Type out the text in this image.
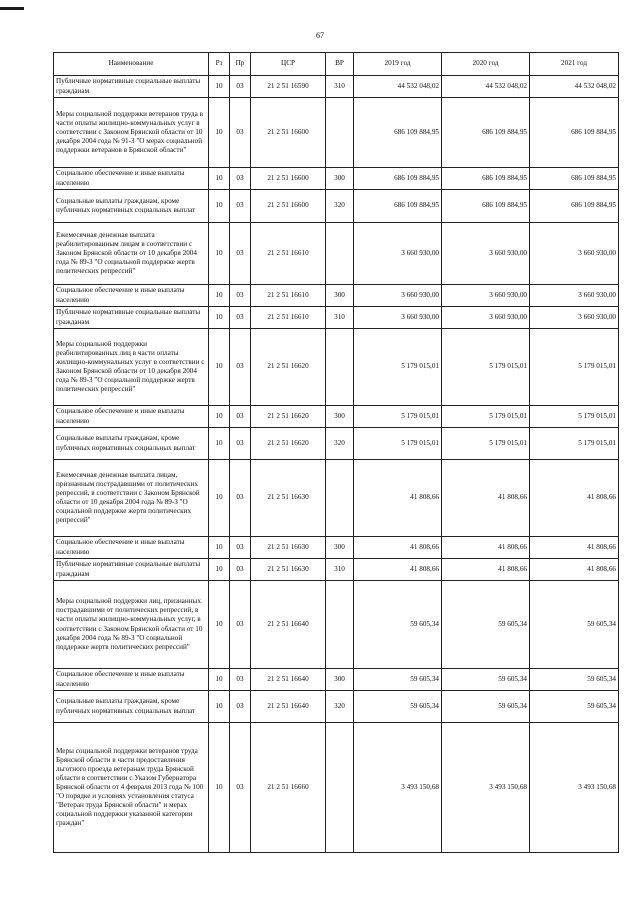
67
Наименование	Рз	Пр	ЦСР	ВР	2019 год	2020 год	2021 год
Публичные нормативные социальные выплаты гражданам	10	03	21 2 51 16590	310	44 532 048,02	44 532 048,02	44 532 048,02
Меры социальной поддержки ветеранов труда в части оплаты жилищно-коммунальных услуг в соответствии с Законом Брянской области от 10 декабря 2004 года № 91-З "О мерах социальной поддержки ветеранов в Брянской области"	10	03	21 2 51 16600		686 109 884,95	686 109 884,95	686 109 884,95
Социальное обеспечение и иные выплаты населению	10	03	21 2 51 16600	300	686 109 884,95	686 109 884,95	686 109 884,95
Социальные выплаты гражданам, кроме публичных нормативных социальных выплат	10	03	21 2 51 16600	320	686 109 884,95	686 109 884,95	686 109 884,95
Ежемесячная денежная выплата реабилитированным лицам в соответствии с Законом Брянской области от 10 декабря 2004 года № 89-З "О социальной поддержке жертв политических репрессий"	10	03	21 2 51 16610		3 660 930,00	3 660 930,00	3 660 930,00
Социальное обеспечение и иные выплаты населению	10	03	21 2 51 16610	300	3 660 930,00	3 660 930,00	3 660 930,00
Публичные нормативные социальные выплаты гражданам	10	03	21 2 51 16610	310	3 660 930,00	3 660 930,00	3 660 930,00
Меры социальной поддержки реабилитированных лиц в части оплаты жилищно-коммунальных услуг в соответствии с Законом Брянской области от 10 декабря 2004 года № 89-З "О социальной поддержке жертв политических репрессий"	10	03	21 2 51 16620		5 179 015,01	5 179 015,01	5 179 015,01
Социальное обеспечение и иные выплаты населению	10	03	21 2 51 16620	300	5 179 015,01	5 179 015,01	5 179 015,01
Социальные выплаты гражданам, кроме публичных нормативных социальных выплат	10	03	21 2 51 16620	320	5 179 015,01	5 179 015,01	5 179 015,01
Ежемесячная денежная выплата лицам, признанным пострадавшими от политических репрессий, в соответствии с Законом Брянской области от 10 декабря 2004 года № 89-З "О социальной поддержке жертв политических репрессий"	10	03	21 2 51 16630		41 808,66	41 808,66	41 808,66
Социальное обеспечение и иные выплаты населению	10	03	21 2 51 16630	300	41 808,66	41 808,66	41 808,66
Публичные нормативные социальные выплаты гражданам	10	03	21 2 51 16630	310	41 808,66	41 808,66	41 808,66
Меры социальной поддержки лиц, признанных пострадавшими от политических репрессий, в части оплаты жилищно-коммунальных услуг, в соответствии с Законом Брянской области от 10 декабря 2004 года № 89-З "О социальной поддержке жертв политических репрессий"	10	03	21 2 51 16640		59 605,34	59 605,34	59 605,34
Социальное обеспечение и иные выплаты населению	10	03	21 2 51 16640	300	59 605,34	59 605,34	59 605,34
Социальные выплаты гражданам, кроме публичных нормативных социальных выплат	10	03	21 2 51 16640	320	59 605,34	59 605,34	59 605,34
Меры социальной поддержки ветеранов труда Брянской области в части предоставления льготного проезда ветеранам труда Брянской области в соответствии с Указом Губернатора Брянской области от 4 февраля 2013 года № 100 "О порядке и условиях установления статуса "Ветеран труда Брянской области" и мерах социальной поддержки указанной категории граждан"	10	03	21 2 51 16660		3 493 150,68	3 493 150,68	3 493 150,68
